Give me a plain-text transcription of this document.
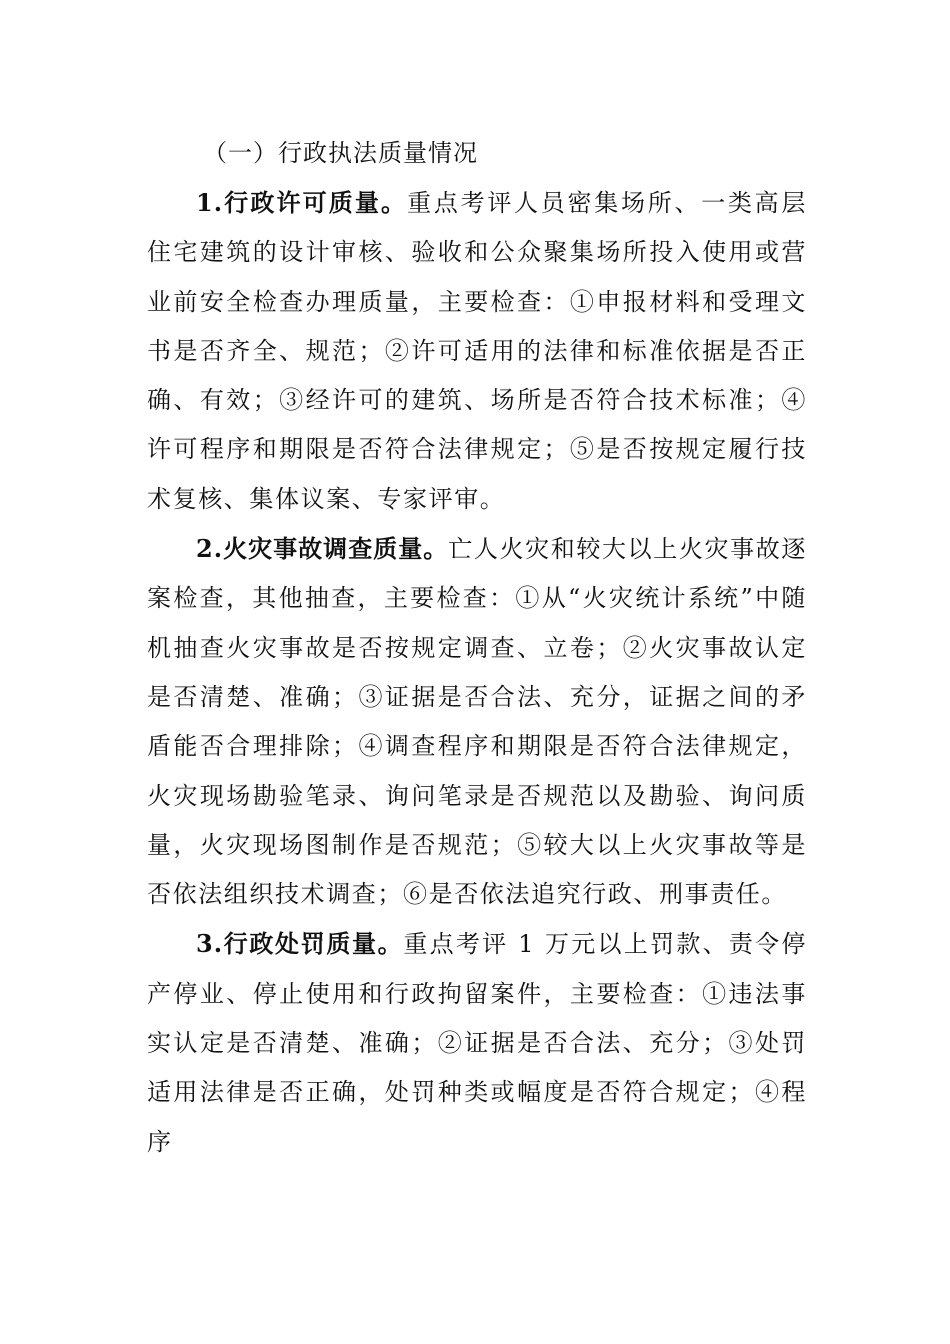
（一）行政执法质量情况

1.行政许可质量。重点考评人员密集场所、一类高层住宅建筑的设计审核、验收和公众聚集场所投入使用或营业前安全检查办理质量，主要检查：①申报材料和受理文书是否齐全、规范；②许可适用的法律和标准依据是否正确、有效；③经许可的建筑、场所是否符合技术标准；④许可程序和期限是否符合法律规定；⑤是否按规定履行技术复核、集体议案、专家评审。

2.火灾事故调查质量。亡人火灾和较大以上火灾事故逐案检查，其他抽查，主要检查：①从“火灾统计系统”中随机抽查火灾事故是否按规定调查、立卷；②火灾事故认定是否清楚、准确；③证据是否合法、充分，证据之间的矛盾能否合理排除；④调查程序和期限是否符合法律规定，火灾现场勘验笔录、询问笔录是否规范以及勘验、询问质量，火灾现场图制作是否规范；⑤较大以上火灾事故等是否依法组织技术调查；⑥是否依法追究行政、刑事责任。

3.行政处罚质量。重点考评 1 万元以上罚款、责令停产停业、停止使用和行政拘留案件，主要检查：①违法事实认定是否清楚、准确；②证据是否合法、充分；③处罚适用法律是否正确，处罚种类或幅度是否符合规定；④程序
